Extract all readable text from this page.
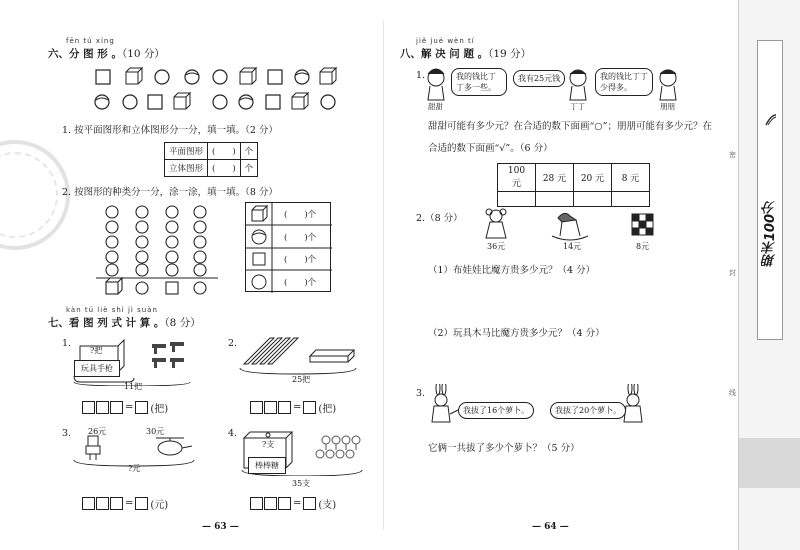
fēn tú xíng
六、分 图 形 。（10 分）
1. 按平面图形和立体图形分一分，填一填。（2 分）
平面图形	(　　)	个
立体图形	(　　)	个
2. 按图形的种类分一分，涂一涂，填一填。（8 分）
(　　)个
(　　)个
(　　)个
(　　)个
kàn tú liè shì jì suàn
七、看 图 列 式 计 算 。（8 分）
1.
?把
玩具手枪
11把
= (把)
2.
25把
= (把)
3. 26元	30元
?元
= (元)
4.
?支
棒棒糖
35支
= (支)
— 63 —
jiě jué wèn tí
八、解 决 问 题 。（19 分）
1.	我的钱比丁丁多一些。
我有25元钱	我的钱比丁丁少得多。
甜甜	丁丁	朋朋
甜甜可能有多少元？在合适的数下面画“○”；朋朋可能有多少元？在
合适的数下面画“√”。（6 分）
100 元	28 元	20 元	8 元

2.（8 分）
36元	14元	8元
（1）布娃娃比魔方贵多少元？（4 分）
（2）玩具木马比魔方贵多少元？（4 分）
3.
我拔了16个萝卜。	我拔了20个萝卜。
它俩一共拔了多少个萝卜？（5 分）
— 64 —
期末100分
密
封
线
